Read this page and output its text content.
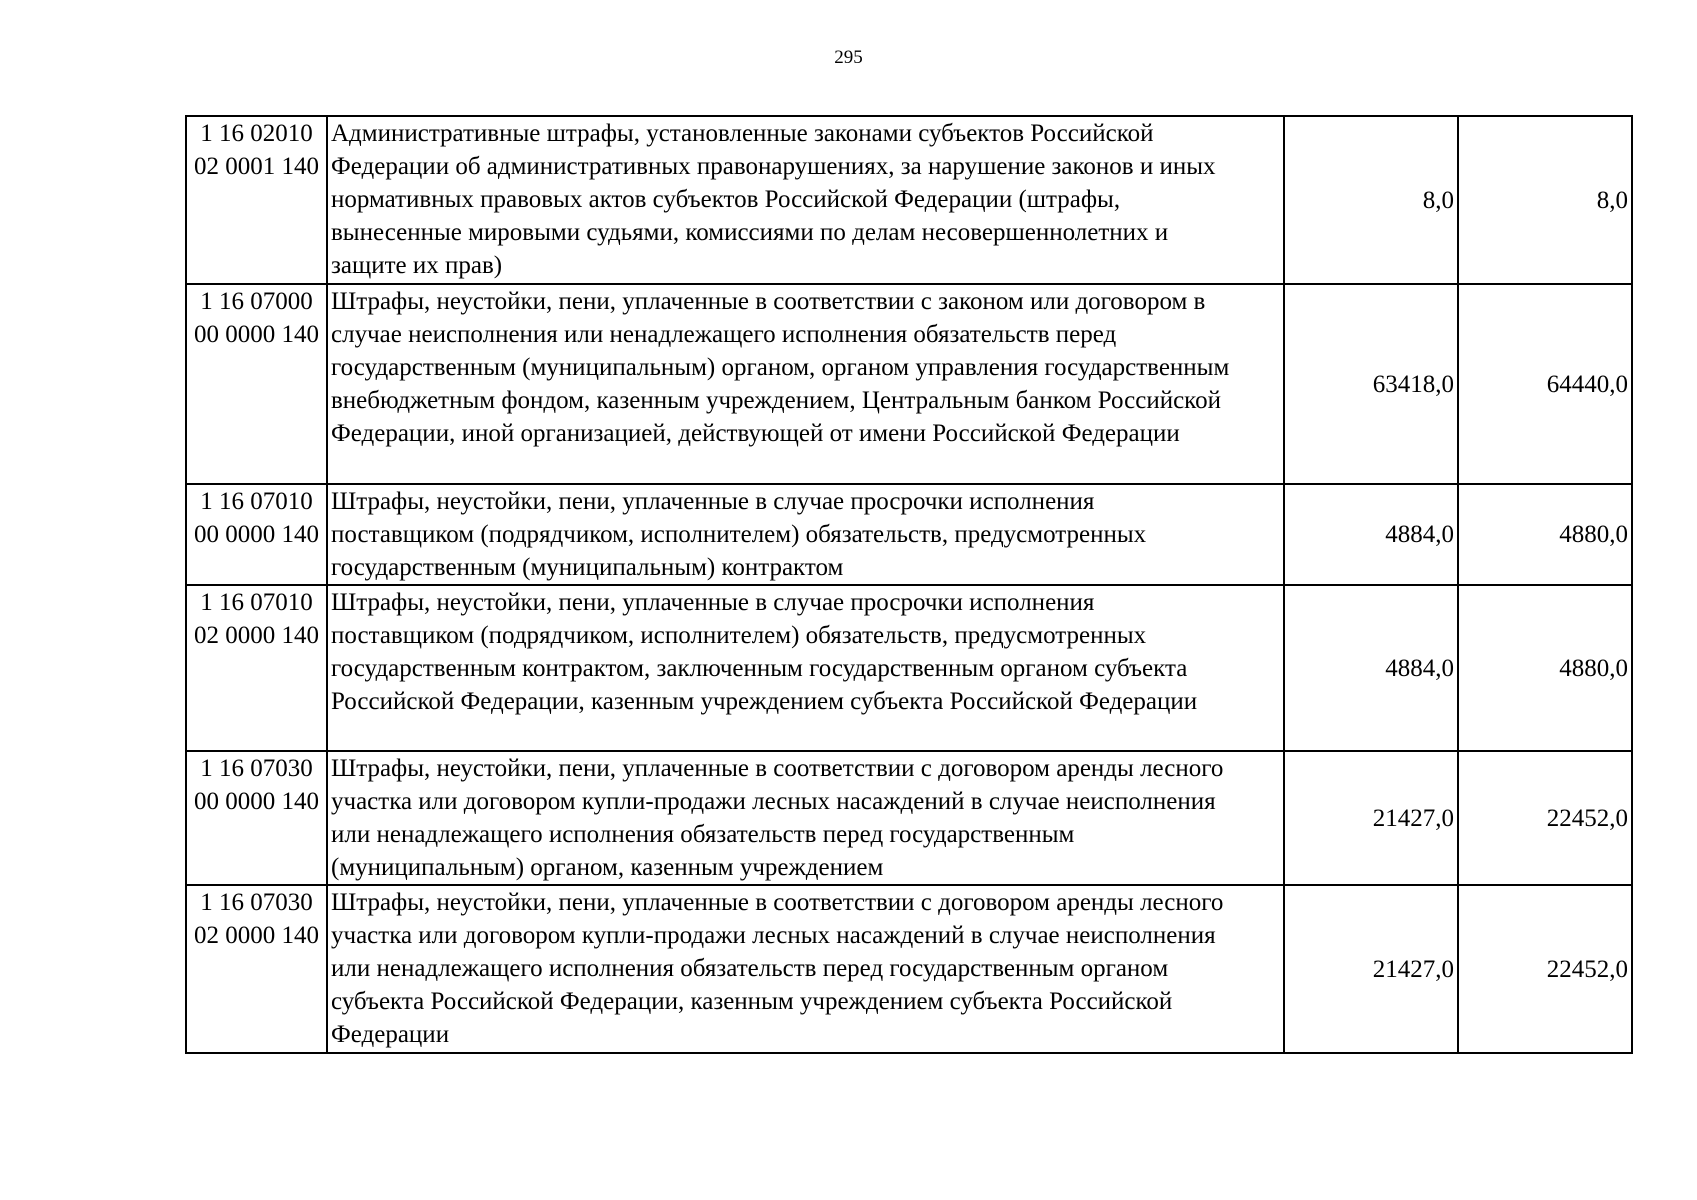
295
1 16 02010
02 0001 140	Административные штрафы, установленные законами субъектов Российской
Федерации об административных правонарушениях, за нарушение законов и иных
нормативных правовых актов субъектов Российской Федерации (штрафы,
вынесенные мировыми судьями, комиссиями по делам несовершеннолетних и
защите их прав)	8,0	8,0

1 16 07000
00 0000 140	Штрафы, неустойки, пени, уплаченные в соответствии с законом или договором в
случае неисполнения или ненадлежащего исполнения обязательств перед
государственным (муниципальным) органом, органом управления государственным
внебюджетным фондом, казенным учреждением, Центральным банком Российской
Федерации, иной организацией, действующей от имени Российской Федерации	63418,0	64440,0

1 16 07010
00 0000 140	Штрафы, неустойки, пени, уплаченные в случае просрочки исполнения
поставщиком (подрядчиком, исполнителем) обязательств, предусмотренных
государственным (муниципальным) контрактом	4884,0	4880,0

1 16 07010
02 0000 140	Штрафы, неустойки, пени, уплаченные в случае просрочки исполнения
поставщиком (подрядчиком, исполнителем) обязательств, предусмотренных
государственным контрактом, заключенным государственным органом субъекта
Российской Федерации, казенным учреждением субъекта Российской Федерации	4884,0	4880,0

1 16 07030
00 0000 140	Штрафы, неустойки, пени, уплаченные в соответствии с договором аренды лесного
участка или договором купли-продажи лесных насаждений в случае неисполнения
или ненадлежащего исполнения обязательств перед государственным
(муниципальным) органом, казенным учреждением	21427,0	22452,0

1 16 07030
02 0000 140	Штрафы, неустойки, пени, уплаченные в соответствии с договором аренды лесного
участка или договором купли-продажи лесных насаждений в случае неисполнения
или ненадлежащего исполнения обязательств перед государственным органом
субъекта Российской Федерации, казенным учреждением субъекта Российской
Федерации	21427,0	22452,0
